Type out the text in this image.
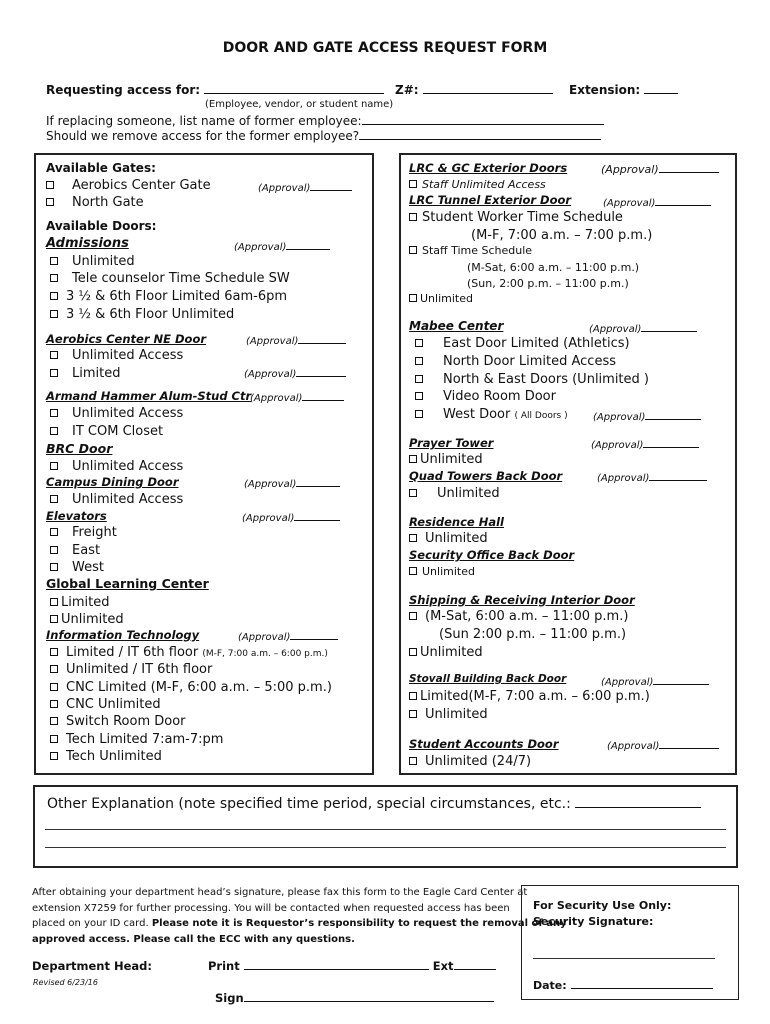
DOOR AND GATE ACCESS REQUEST FORM
Requesting access for:	Z#:	Extension:
(Employee, vendor, or student name)
If replacing someone, list name of former employee:
Should we remove access for the former employee?
Available Gates:
Aerobics Center Gate	(Approval)
North Gate
Available Doors:
Admissions	(Approval)
Unlimited
Tele counselor Time Schedule SW
3 ½ & 6th Floor Limited 6am-6pm
3 ½ & 6th Floor Unlimited
Aerobics Center NE Door	(Approval)
Unlimited Access
Limited	(Approval)
Armand Hammer Alum-Stud Ctr
(Approval)
Unlimited Access
IT COM Closet
BRC Door
Unlimited Access
Campus Dining Door	(Approval)
Unlimited Access
Elevators	(Approval)
Freight
East
West
Global Learning Center
Limited
Unlimited
Information Technology	(Approval)
Limited / IT 6th floor (M-F, 7:00 a.m. – 6:00 p.m.)
Unlimited / IT 6th floor
CNC Limited (M-F, 6:00 a.m. – 5:00 p.m.)
CNC Unlimited
Switch Room Door
Tech Limited 7:am-7:pm
Tech Unlimited
LRC & GC Exterior Doors	(Approval)
Staff Unlimited Access
LRC Tunnel Exterior Door	(Approval)
Student Worker Time Schedule
(M-F, 7:00 a.m. – 7:00 p.m.)
Staff Time Schedule
(M-Sat, 6:00 a.m. – 11:00 p.m.)
(Sun, 2:00 p.m. – 11:00 p.m.)
Unlimited
Mabee Center	(Approval)
East Door Limited (Athletics)
North Door Limited Access
North & East Doors (Unlimited )
Video Room Door
West Door ( All Doors )	(Approval)
Prayer Tower	(Approval)
Unlimited
Quad Towers Back Door	(Approval)
Unlimited
Residence Hall
Unlimited
Security Office Back Door
Unlimited
Shipping & Receiving Interior Door
(M-Sat, 6:00 a.m. – 11:00 p.m.)
(Sun 2:00 p.m. – 11:00 p.m.)
Unlimited
Stovall Building Back Door	(Approval)
Limited(M-F, 7:00 a.m. – 6:00 p.m.)
Unlimited
Student Accounts Door	(Approval)
Unlimited (24/7)
Other Explanation (note specified time period, special circumstances, etc.:
After obtaining your department head’s signature, please fax this form to the Eagle Card Center at
extension X7259 for further processing. You will be contacted when requested access has been
placed on your ID card. Please note it is Requestor’s responsibility to request the removal of any
approved access. Please call the ECC with any questions.
Department Head:	Print	Ext
Revised 6/23/16
Sign
For Security Use Only:
Security Signature:
Date:
